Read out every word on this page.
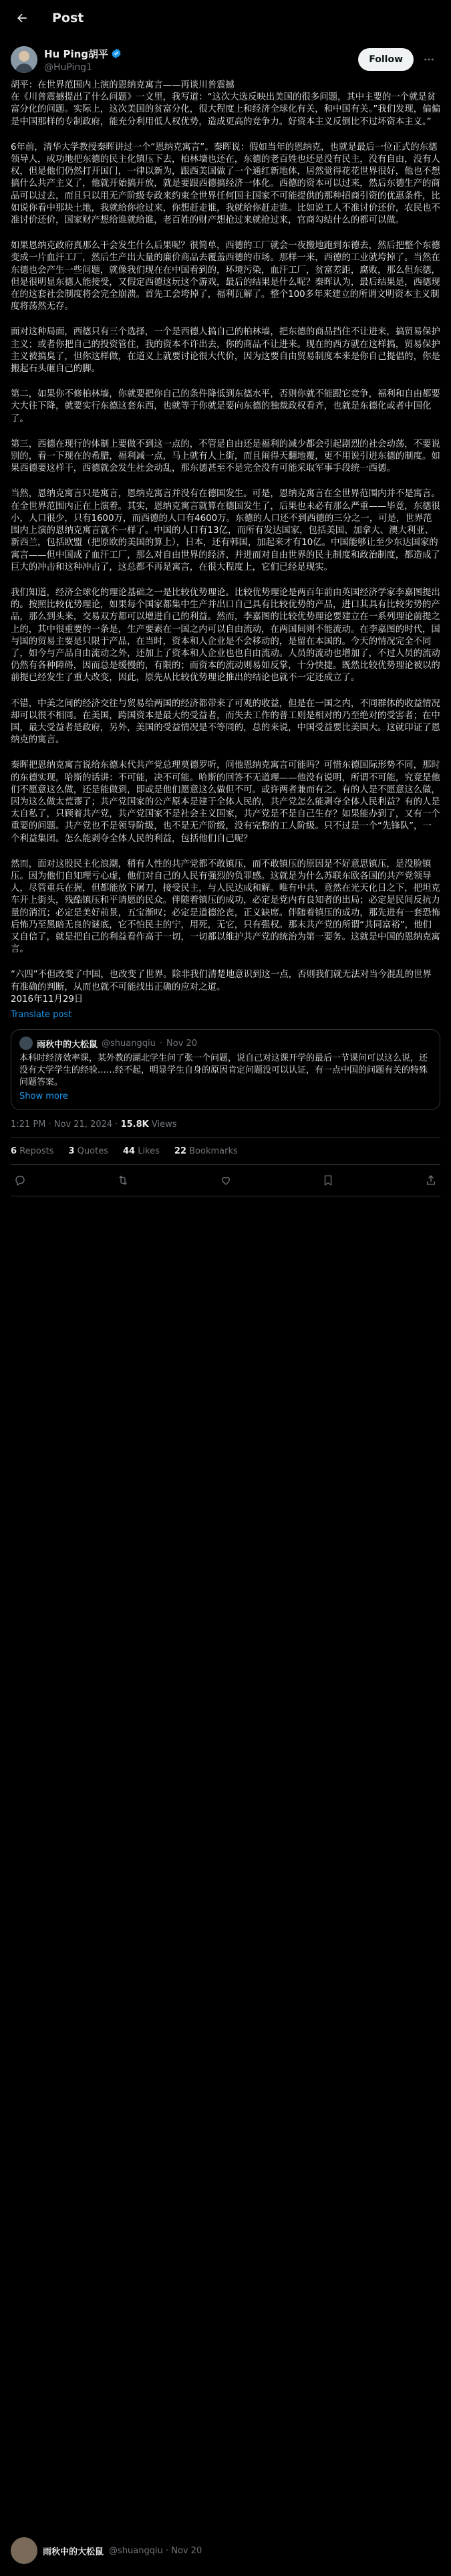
Post
Hu Ping胡平
@HuPing1
Follow
胡平：在世界范围内上演的恩纳克寓言——再谈川普震撼
在《川普震撼提出了什么问题》一文里，我写道：“这次大选反映出美国的很多问题，其中主要的一个就是贫富分化的问题。实际上，这次美国的贫富分化，很大程度上和经济全球化有关，和中国有关。”我们发现，偏偏是中国那样的专制政府，能充分利用低人权优势，造成更高的竞争力。好资本主义反倒比不过坏资本主义。”
6年前，清华大学教授秦晖讲过一个“恩纳克寓言”。秦晖说：假如当年的恩纳克，也就是最后一位正式的东德领导人，成功地把东德的民主化镇压下去，柏林墙也还在，东德的老百姓也还是没有民主，没有自由，没有人权，但是他们仍然打开国门，一律以新为，跟西美国做了一个通红新地体，居然觉得花花世界很好，他也不想搞什么共产主义了，他就开始搞开放，就是要跟西德搞经济一体化。西德的资本可以过来，然后东德生产的商品可以过去，而且只以用无产阶级专政来约束全世界任何国主国家不可能提供的那种招商引资的优惠条件，比如说你看中那块土地，我就给你抢过来，你想赶走谁，我就给你赶走谁。比如说工人不准讨价还价，农民也不准讨价还价，国家财产想给谁就给谁，老百姓的财产想抢过来就抢过来，官商勾结什么的都可以做。
如果恩纳克政府真那么干会发生什么后果呢？很简单，西德的工厂就会一夜搬地跑到东德去，然后把整个东德变成一片血汗工厂，然后生产出大量的廉价商品去覆盖西德的市场。那样一来，西德的工业就垮掉了。当然在东德也会产生一些问题，就像我们现在在中国看到的，环境污染，血汗工厂，贫富差距，腐败，那么但东德，但是很明显东德人能接受，又假定西德这玩这个游戏，最后的结果是什么呢？秦晖认为，最后结果是，西德现在的这套社会制度将会完全崩溃。首先工会垮掉了，福利瓦解了。整个100多年来建立的所谓文明资本主义制度将荡然无存。
面对这种局面，西德只有三个选择，一个是西德人搞自己的柏林墙，把东德的商品挡住不让进来，搞贸易保护主义；或者你把自己的投资管住，我的资本不许出去，你的商品不让进来。现在的西方就在这样搞，贸易保护主义被搞臭了，但你这样做，在道义上就要讨论很大代价，因为这要自由贸易制度本来是你自己提倡的，你是搬起石头砸自己的脚。
第二，如果你不修柏林墙，你就要把你自己的条件降低到东德水平，否则你就不能跟它竞争，福利和自由都要大大往下降，就要实行东德这套东西，也就等于你就是要向东德的独裁政权看齐，也就是东德化或者中国化了。
第三，西德在现行的体制上要做不到这一点的，不管是自由还是福利的减少都会引起剧烈的社会动荡，不要说别的，看一下现在的希腊，福利减一点，马上就有人上街，而且闹得天翻地覆，更不用说引进东德的制度。如果西德要这样干，西德就会发生社会动乱，那东德甚至不是完全没有可能采取军事手段统一西德。
当然，恩纳克寓言只是寓言，恩纳克寓言并没有在德国发生。可是，恩纳克寓言在全世界范围内并不是寓言。在全世界范围内正在上演着。其实，恩纳克寓言就算在德国发生了，后果也未必有那么严重——毕竟，东德很小，人口很少，只有1600万，而西德的人口有4600万。东德的人口还不到西德的三分之一，可是，世界范围内上演的恩纳克寓言就不一样了。中国的人口有13亿，而所有发达国家，包括美国、加拿大、澳大利亚、新西兰，包括欧盟（把原欧的美国的算上），日本，还有韩国，加起来才有10亿。中国能够让至少东达国家的寓言——但中国成了血汗工厂，那么对自由世界的经济、并进而对自由世界的民主制度和政治制度，都造成了巨大的冲击和这种冲击了，这总都不再是寓言，在很大程度上，它们已经是现实。
我们知道，经济全球化的理论基础之一是比较优势理论。比较优势理论是两百年前由英国经济学家李嘉图提出的。按照比较优势理论，如果每个国家都集中生产并出口自己具有比较优势的产品，进口其具有比较劣势的产品，那么到头来，交易双方都可以增进自己的利益。然而，李嘉图的比较优势理论要建立在一系列理论前提之上的，其中很重要的一条是，生产要素在一国之内可以自由流动，在两国间则不能流动。在李嘉图的时代，国与国的贸易主要是只限于产品，在当时，资本和人企业是不会移动的，是留在本国的。今天的情况完全不同了，如今与产品自由流动之外，还加上了资本和人企业也也自由流动。人员的流动也增加了，不过人员的流动仍然有各种障碍，因而总是缓慢的，有限的；而资本的流动则易如反掌，十分快捷。既然比较优势理论被以的前提已经发生了重大改变，因此，原先从比较优势理论推出的结论也就不一定还成立了。
不错，中美之间的经济交往与贸易给两国的经济都带来了可观的收益，但是在一国之内，不同群体的收益情况却可以很不相同。在美国，跨国资本是最大的受益者，而失去工作的普工则是相对的乃至绝对的受害者；在中国，最大受益者是政府，另外，美国的受益情况是不等同的，总的来说，中国受益要比美国大。这就印证了恩纳克的寓言。
秦晖把恩纳克寓言说给东德末代共产党总理莫德罗听，问他恩纳克寓言可能吗？可惜东德国际形势不同，那时的东德实现，哈斯的话讲：不可能，决不可能。哈斯的回答不无道理——他没有说明，所谓不可能，究竟是他们不愿意这么做，还是能做到，即或是他们愿意这么做但不可。或许两者兼而有之。有的人是不愿意这么做，因为这么做太荒谬了；共产党国家的公产原本是建于全体人民的，共产党怎么能剥夺全体人民利益？有的人是太自私了，只顾着共产党，共产党国家不是社会主义国家，共产党是不是自己生存？如果能办到了，又有一个重要的问题。共产党也不是领导阶级，也不是无产阶级，没有完整的工人阶级。只不过是一个“先锋队”，一个利益集团。怎么能剥夺全体人民的利益，包括他们自己呢？
然而，面对这股民主化浪潮，稍有人性的共产党都不敢镇压，而不敢镇压的原因是不好意思镇压，是没脸镇压。因为他们自知理亏心虚，他们对自己的人民有强烈的负罪感。这就是为什么苏联东欧各国的共产党领导人，尽管重兵在握，但都能放下屠刀，接受民主，与人民达成和解。唯有中共，竟然在光天化日之下，把坦克车开上街头，残酷镇压和平请愿的民众。伴随着镇压的成功，必定是党内有良知者的出局；必定是民间反抗力量的消沉；必定是美好前景，五宝渐叹；必定是道德沦丧，正义缺席。伴随着镇压的成功，那先进有一套恐怖后怖乃至黑暗无良的谜底，它不怕民主的宁，用死，无它，只有强权。那末共产党的所谓“共同富裕”，他们又自信了，就是把自己的利益看作高于一切，一切都以维护共产党的统治为第一要务。这就是中国的恩纳克寓言。
“六四”不但改变了中国，也改变了世界。除非我们清楚地意识到这一点，否则我们就无法对当今混乱的世界有准确的判断，从而也就不可能找出正确的应对之道。
2016年11月29日
Translate post
雨秋中的大松鼠 @shuangqiu · Nov 20
本科时经济效率课，某外教的湖北学生问了张一个问题，说自己对这课开学的最后一节课问可以这么说，还没有大学学生的经验……经不起，明显学生自身的原因肯定问题没可以认证，有一点中国的问题有关的特殊问题答案。
Show more
1:21 PM · Nov 21, 2024 · 15.8K Views
6 Reposts 3 Quotes 44 Likes 22 Bookmarks
雨秋中的大松鼠 @shuangqiu · Nov 20
